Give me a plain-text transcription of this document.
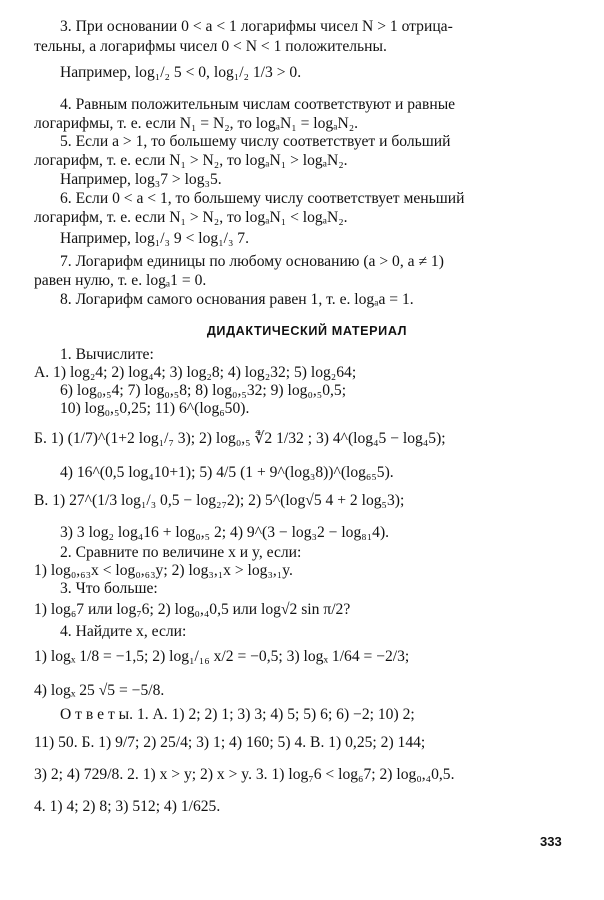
3. При основании 0 < a < 1 логарифмы чисел N > 1 отрица-
тельны, а логарифмы чисел 0 < N < 1 положительны.
Например, log₁/₂ 5 < 0, log₁/₂ 1/3 > 0.
4. Равным положительным числам соответствуют и равные
логарифмы, т. е. если N₁ = N₂, то logₐN₁ = logₐN₂.
5. Если a > 1, то большему числу соответствует и больший
логарифм, т. е. если N₁ > N₂, то logₐN₁ > logₐN₂.
Например, log₃7 > log₃5.
6. Если 0 < a < 1, то большему числу соответствует меньший
логарифм, т. е. если N₁ > N₂, то logₐN₁ < logₐN₂.
Например, log₁/₃ 9 < log₁/₃ 7.
7. Логарифм единицы по любому основанию (a > 0, a ≠ 1)
равен нулю, т. е. logₐ1 = 0.
8. Логарифм самого основания равен 1, т. е. logₐa = 1.
ДИДАКТИЧЕСКИЙ МАТЕРИАЛ
1. Вычислите:
А. 1) log₂4; 2) log₄4; 3) log₂8; 4) log₂32; 5) log₂64;
6) log₀,₅4; 7) log₀,₅8; 8) log₀,₅32; 9) log₀,₅0,5;
10) log₀,₅0,25; 11) 6^(log₆50).
Б. 1) (1/7)^(1+2 log₁/₇ 3); 2) log₀,₅ ∜2 1/32 ; 3) 4^(log₄5 − log₄5);
4) 16^(0,5 log₄10+1); 5) 4/5 (1 + 9^(log₃8))^(log₆₅5).
В. 1) 27^(1/3 log₁/₃ 0,5 − log₂₇2); 2) 5^(log√5 4 + 2 log₅3);
3) 3 log₂ log₄16 + log₀,₅ 2; 4) 9^(3 − log₃2 − log₈₁4).
2. Сравните по величине x и y, если:
1) log₀,₆₃x < log₀,₆₃y; 2) log₃,₁x > log₃,₁y.
3. Что больше:
1) log₆7 или log₇6; 2) log₀,₄0,5 или log√2 sin π/2?
4. Найдите x, если:
1) logₓ 1/8 = −1,5; 2) log₁/₁₆ x/2 = −0,5; 3) logₓ 1/64 = −2/3;
4) logₓ 25 √5 = −5/8.
О т в е т ы. 1. А. 1) 2; 2) 1; 3) 3; 4) 5; 5) 6; 6) −2; 10) 2;
11) 50. Б. 1) 9/7; 2) 25/4; 3) 1; 4) 160; 5) 4. В. 1) 0,25; 2) 144;
3) 2; 4) 729/8. 2. 1) x > y; 2) x > y. 3. 1) log₇6 < log₆7; 2) log₀,₄0,5.
4. 1) 4; 2) 8; 3) 512; 4) 1/625.
333
